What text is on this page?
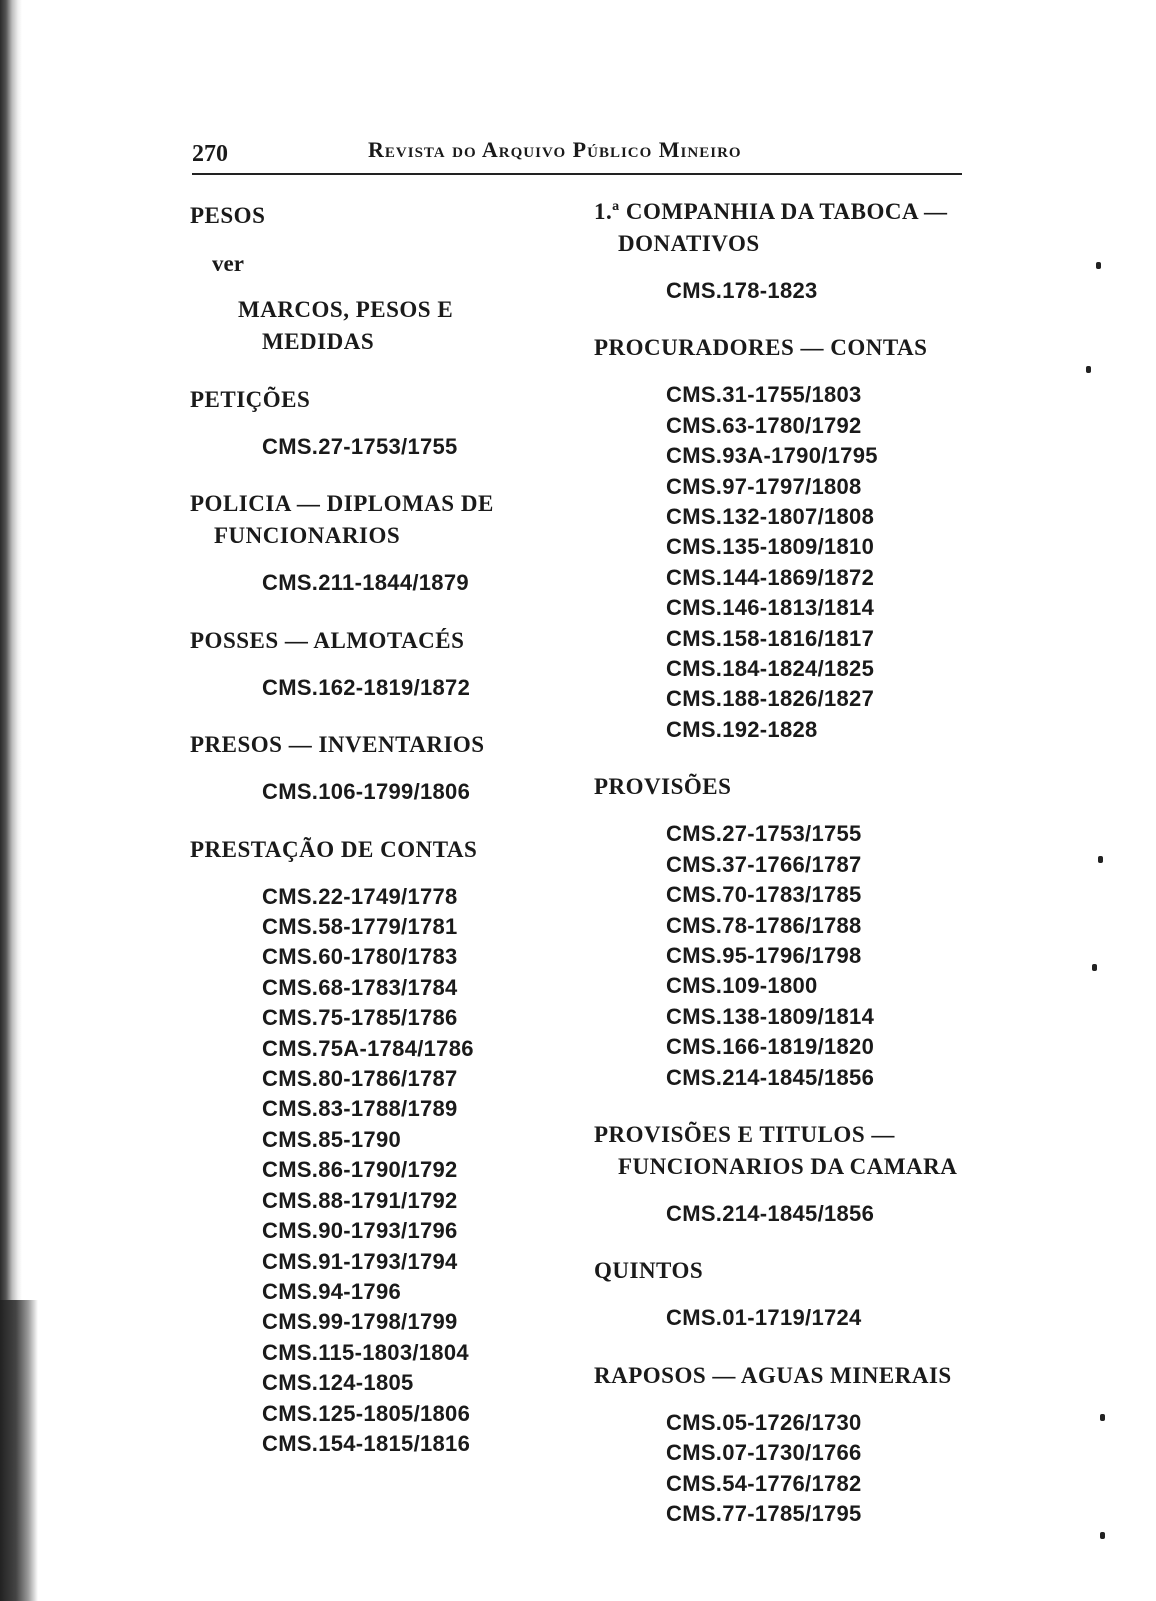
270	Revista do Arquivo Público Mineiro
PESOS
ver
MARCOS, PESOS E MEDIDAS
PETIÇÕES
CMS.27-1753/1755
POLICIA — DIPLOMAS DE FUNCIONARIOS
CMS.211-1844/1879
POSSES — ALMOTACÉS
CMS.162-1819/1872
PRESOS — INVENTARIOS
CMS.106-1799/1806
PRESTAÇÃO DE CONTAS
CMS.22-1749/1778
CMS.58-1779/1781
CMS.60-1780/1783
CMS.68-1783/1784
CMS.75-1785/1786
CMS.75A-1784/1786
CMS.80-1786/1787
CMS.83-1788/1789
CMS.85-1790
CMS.86-1790/1792
CMS.88-1791/1792
CMS.90-1793/1796
CMS.91-1793/1794
CMS.94-1796
CMS.99-1798/1799
CMS.115-1803/1804
CMS.124-1805
CMS.125-1805/1806
CMS.154-1815/1816
1.ª COMPANHIA DA TABOCA — DONATIVOS
CMS.178-1823
PROCURADORES — CONTAS
CMS.31-1755/1803
CMS.63-1780/1792
CMS.93A-1790/1795
CMS.97-1797/1808
CMS.132-1807/1808
CMS.135-1809/1810
CMS.144-1869/1872
CMS.146-1813/1814
CMS.158-1816/1817
CMS.184-1824/1825
CMS.188-1826/1827
CMS.192-1828
PROVISÕES
CMS.27-1753/1755
CMS.37-1766/1787
CMS.70-1783/1785
CMS.78-1786/1788
CMS.95-1796/1798
CMS.109-1800
CMS.138-1809/1814
CMS.166-1819/1820
CMS.214-1845/1856
PROVISÕES E TITULOS — FUNCIONARIOS DA CAMARA
CMS.214-1845/1856
QUINTOS
CMS.01-1719/1724
RAPOSOS — AGUAS MINERAIS
CMS.05-1726/1730
CMS.07-1730/1766
CMS.54-1776/1782
CMS.77-1785/1795
